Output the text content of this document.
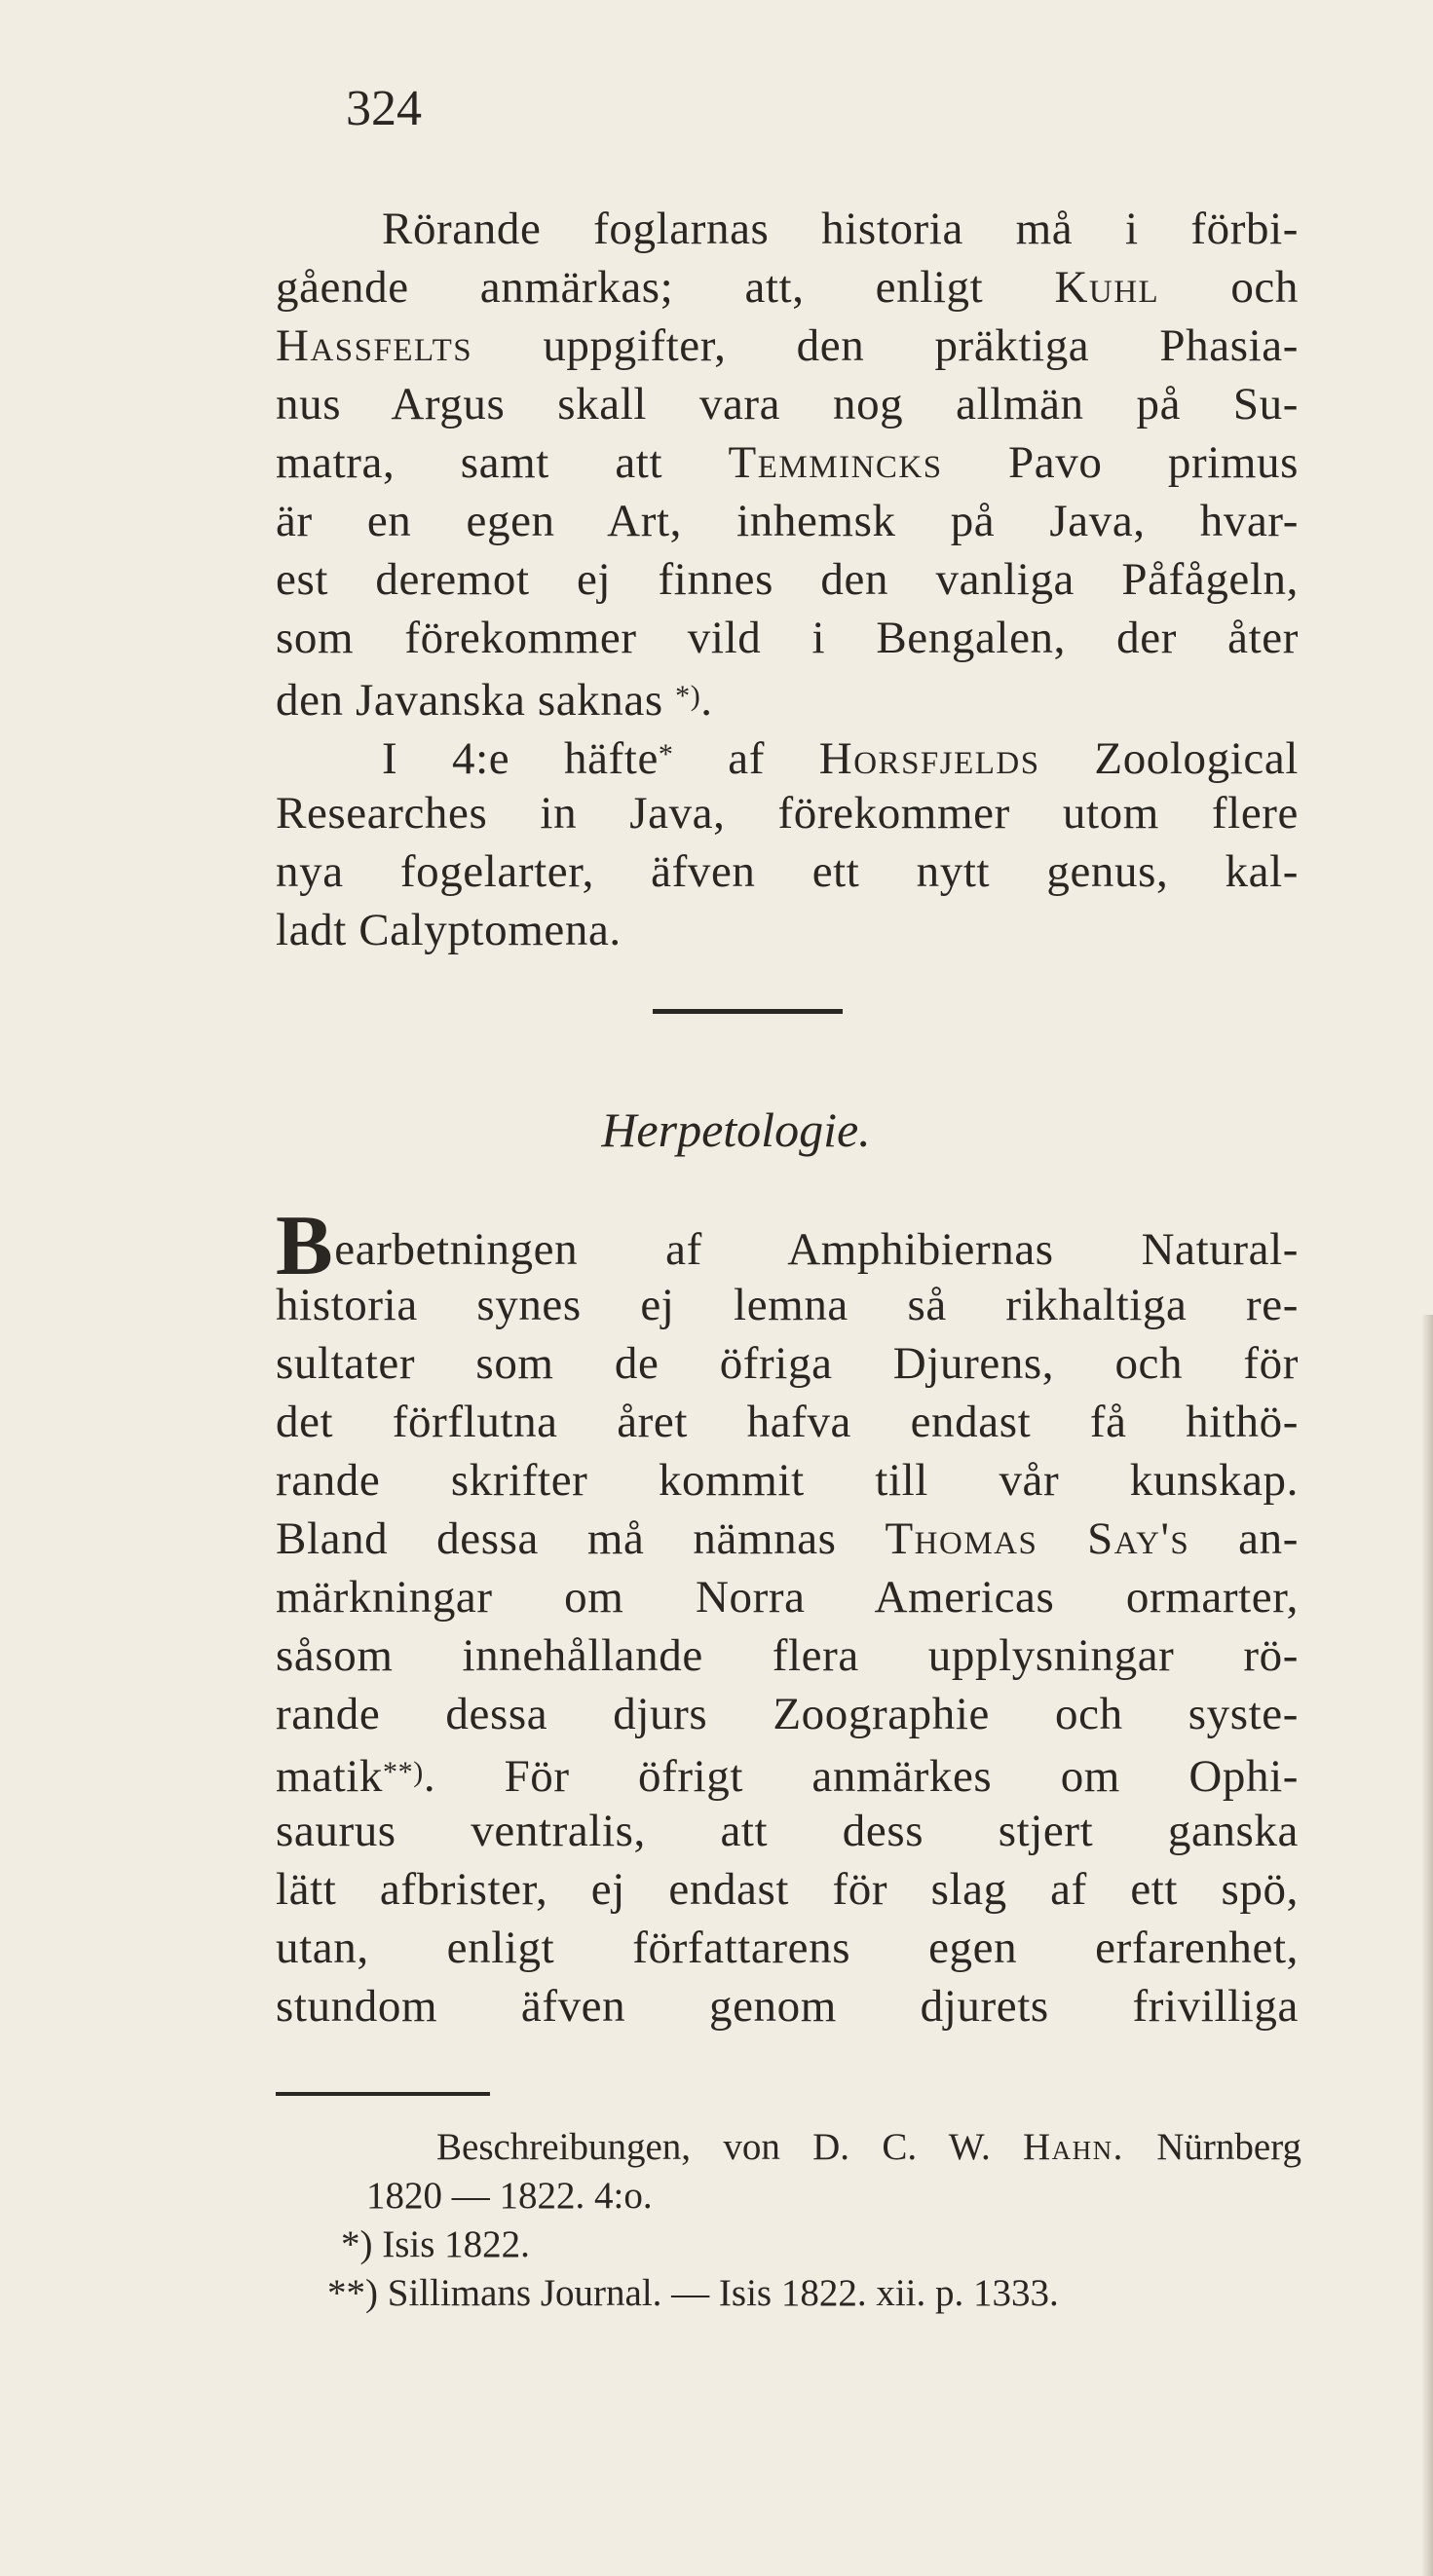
324
Rörande foglarnas historia må i förbi-
gående anmärkas; att, enligt Kuhl och
Hassfelts uppgifter, den präktiga Phasia-
nus Argus skall vara nog allmän på Su-
matra, samt att Temmincks Pavo primus
är en egen Art, inhemsk på Java, hvar-
est deremot ej finnes den vanliga Påfågeln,
som förekommer vild i Bengalen, der åter
den Javanska saknas *).
I 4:e häfte* af Horsfjelds Zoological
Researches in Java, förekommer utom flere
nya fogelarter, äfven ett nytt genus, kal-
ladt Calyptomena.
Herpetologie.
Bearbetningen af Amphibiernas Natural-
historia synes ej lemna så rikhaltiga re-
sultater som de öfriga Djurens, och för
det förflutna året hafva endast få hithö-
rande skrifter kommit till vår kunskap.
Bland dessa må nämnas Thomas Say's an-
märkningar om Norra Americas ormarter,
såsom innehållande flera upplysningar rö-
rande dessa djurs Zoographie och syste-
matik**). För öfrigt anmärkes om Ophi-
saurus ventralis, att dess stjert ganska
lätt afbrister, ej endast för slag af ett spö,
utan, enligt författarens egen erfarenhet,
stundom äfven genom djurets frivilliga
Beschreibungen, von D. C. W. Hahn. Nürnberg
1820 — 1822. 4:o.
*) Isis 1822.
**) Sillimans Journal. — Isis 1822. xii. p. 1333.
